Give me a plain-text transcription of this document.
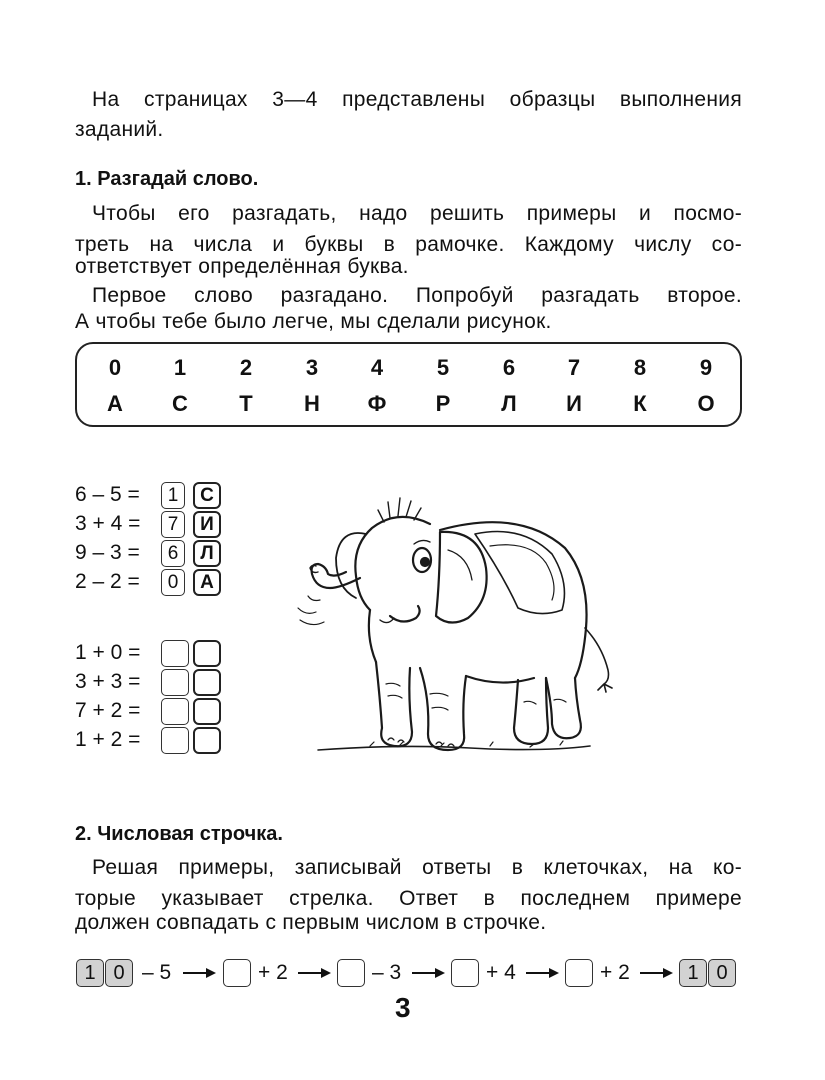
На страницах 3—4 представлены образцы выполнения
заданий.
1. Разгадай слово.
Чтобы его разгадать, надо решить примеры и посмо-
треть на числа и буквы в рамочке. Каждому числу со-
ответствует определённая буква.
Первое слово разгадано. Попробуй разгадать второе.
А чтобы тебе было легче, мы сделали рисунок.
0	1	2	3	4	5	6	7	8	9
А	С	Т	Н	Ф	Р	Л	И	К	О
6 – 5 =	1	С
3 + 4 =	7	И
9 – 3 =	6	Л
2 – 2 =	0	А
1 + 0 =
3 + 3 =
7 + 2 =
1 + 2 =
2. Числовая строчка.
Решая примеры, записывай ответы в клеточках, на ко-
торые указывает стрелка. Ответ в последнем примере
должен совпадать с первым числом в строчке.
1 0 – 5	+ 2	– 3	+ 4	+ 2	1 0
3
